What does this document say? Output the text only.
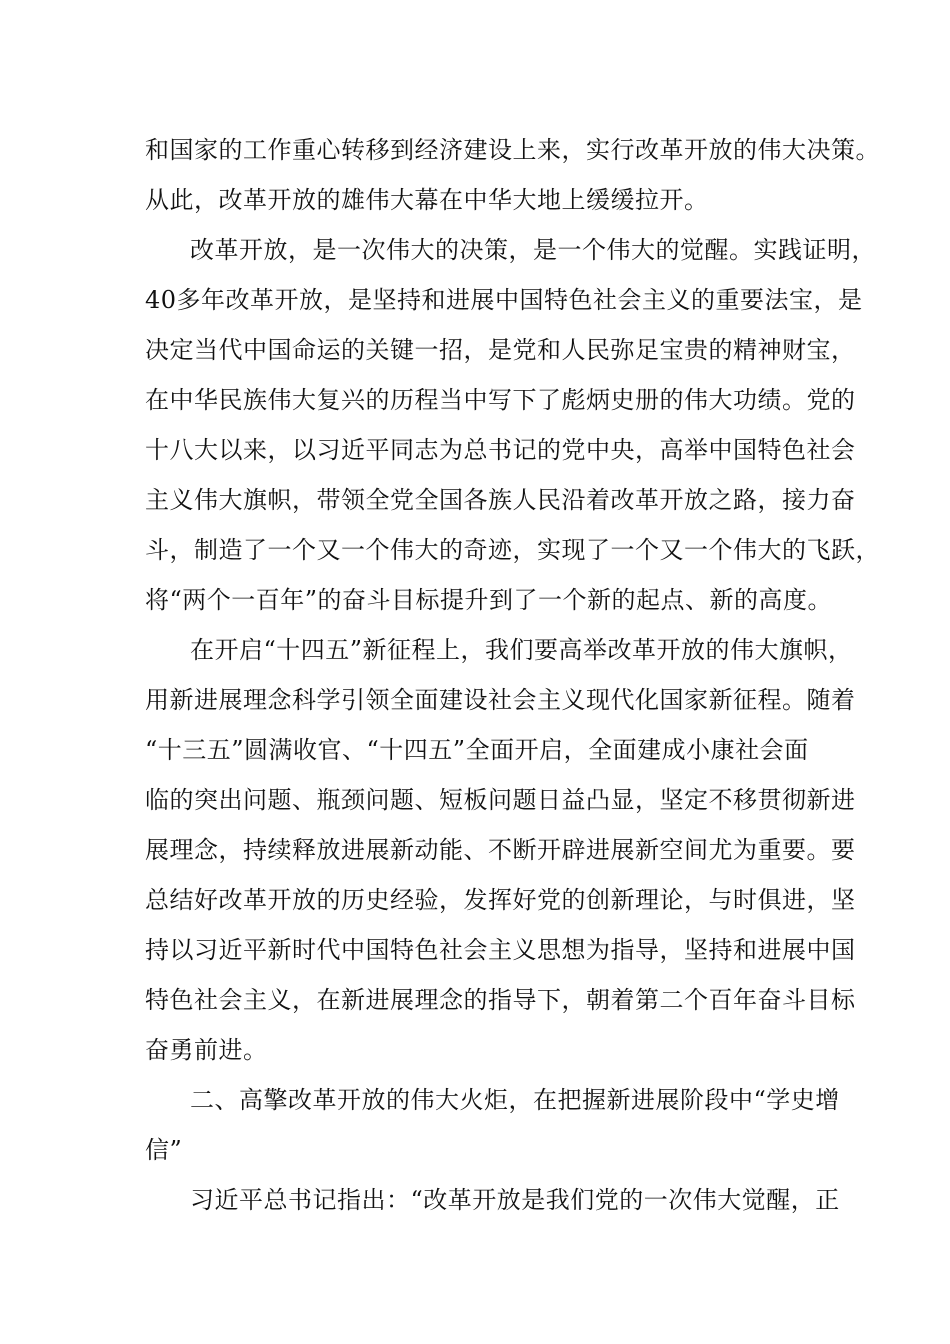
和国家的工作重心转移到经济建设上来，实行改革开放的伟大决策。
从此，改革开放的雄伟大幕在中华大地上缓缓拉开。
改革开放，是一次伟大的决策，是一个伟大的觉醒。实践证明，
40多年改革开放，是坚持和进展中国特色社会主义的重要法宝，是
决定当代中国命运的关键一招，是党和人民弥足宝贵的精神财宝，
在中华民族伟大复兴的历程当中写下了彪炳史册的伟大功绩。党的
十八大以来，以习近平同志为总书记的党中央，高举中国特色社会
主义伟大旗帜，带领全党全国各族人民沿着改革开放之路，接力奋
斗，制造了一个又一个伟大的奇迹，实现了一个又一个伟大的飞跃，
将“两个一百年”的奋斗目标提升到了一个新的起点、新的高度。
在开启“十四五”新征程上，我们要高举改革开放的伟大旗帜，
用新进展理念科学引领全面建设社会主义现代化国家新征程。随着
“十三五”圆满收官、“十四五”全面开启，全面建成小康社会面
临的突出问题、瓶颈问题、短板问题日益凸显，坚定不移贯彻新进
展理念，持续释放进展新动能、不断开辟进展新空间尤为重要。要
总结好改革开放的历史经验，发挥好党的创新理论，与时俱进，坚
持以习近平新时代中国特色社会主义思想为指导，坚持和进展中国
特色社会主义，在新进展理念的指导下，朝着第二个百年奋斗目标
奋勇前进。
二、高擎改革开放的伟大火炬，在把握新进展阶段中“学史增
信”
习近平总书记指出：“改革开放是我们党的一次伟大觉醒，正
